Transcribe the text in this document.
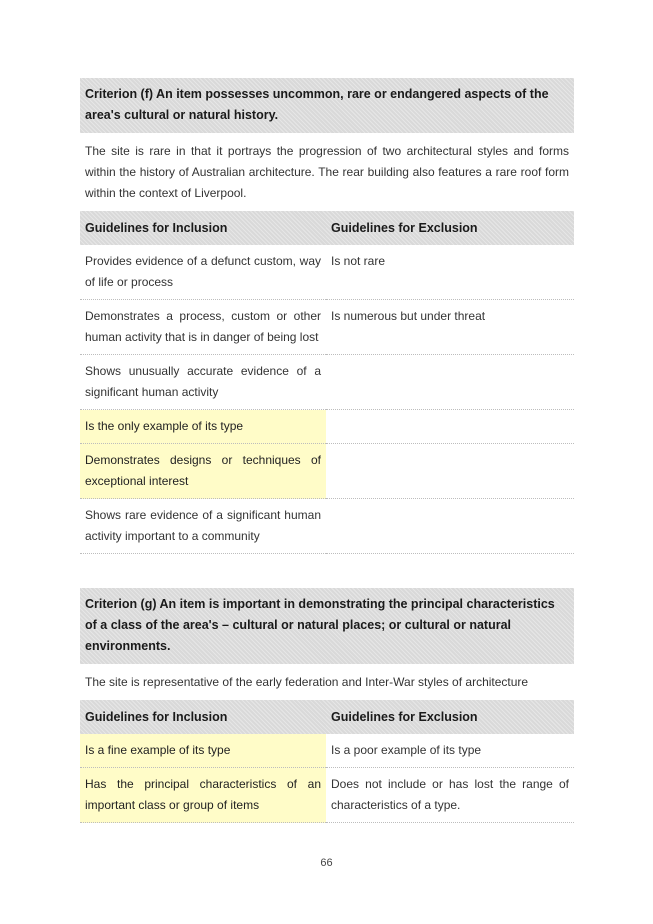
Criterion (f) An item possesses uncommon, rare or endangered aspects of the area's cultural or natural history.
The site is rare in that it portrays the progression of two architectural styles and forms within the history of Australian architecture. The rear building also features a rare roof form within the context of Liverpool.
Guidelines for Inclusion	Guidelines for Exclusion
Provides evidence of a defunct custom, way of life or process	Is not rare
Demonstrates a process, custom or other human activity that is in danger of being lost	Is numerous but under threat
Shows unusually accurate evidence of a significant human activity	
Is the only example of its type	
Demonstrates designs or techniques of exceptional interest	
Shows rare evidence of a significant human activity important to a community	
Criterion (g) An item is important in demonstrating the principal characteristics of a class of the area's – cultural or natural places; or cultural or natural environments.
The site is representative of the early federation and Inter-War styles of architecture
Guidelines for Inclusion	Guidelines for Exclusion
Is a fine example of its type	Is a poor example of its type
Has the principal characteristics of an important class or group of items	Does not include or has lost the range of characteristics of a type.
66
